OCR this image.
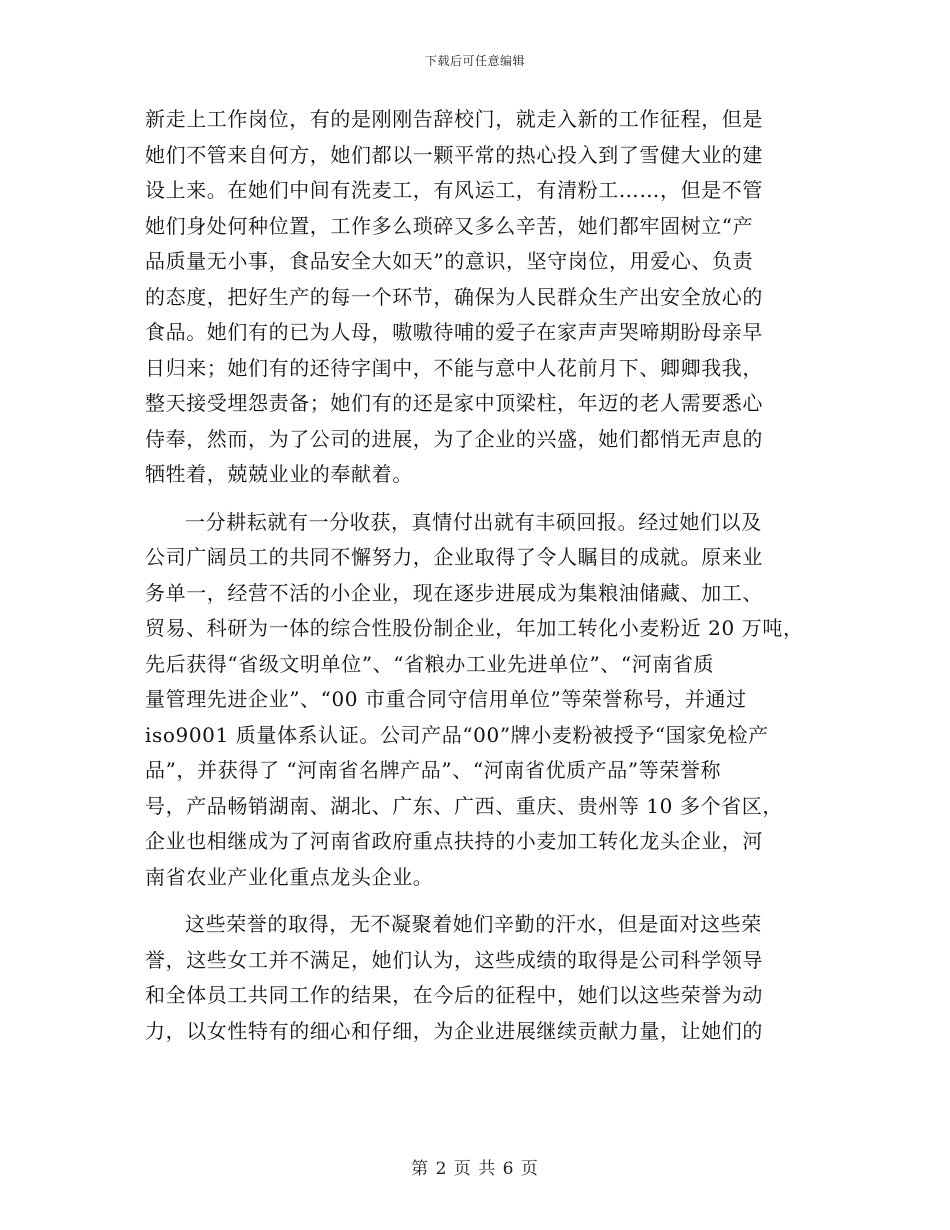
下载后可任意编辑
新走上工作岗位，有的是刚刚告辞校门，就走入新的工作征程，但是
她们不管来自何方，她们都以一颗平常的热心投入到了雪健大业的建
设上来。在她们中间有洗麦工，有风运工，有清粉工……，但是不管
她们身处何种位置，工作多么琐碎又多么辛苦，她们都牢固树立“产
品质量无小事，食品安全大如天”的意识，坚守岗位，用爱心、负责
的态度，把好生产的每一个环节，确保为人民群众生产出安全放心的
食品。她们有的已为人母，嗷嗷待哺的爱子在家声声哭啼期盼母亲早
日归来；她们有的还待字闺中，不能与意中人花前月下、卿卿我我，
整天接受埋怨责备；她们有的还是家中顶梁柱，年迈的老人需要悉心
侍奉，然而，为了公司的进展，为了企业的兴盛，她们都悄无声息的
牺牲着，兢兢业业的奉献着。
一分耕耘就有一分收获，真情付出就有丰硕回报。经过她们以及
公司广阔员工的共同不懈努力，企业取得了令人瞩目的成就。原来业
务单一，经营不活的小企业，现在逐步进展成为集粮油储藏、加工、
贸易、科研为一体的综合性股份制企业，年加工转化小麦粉近 20 万吨，
先后获得“省级文明单位”、“省粮办工业先进单位”、“河南省质
量管理先进企业”、“00 市重合同守信用单位”等荣誉称号，并通过
iso9001 质量体系认证。公司产品“00”牌小麦粉被授予“国家免检产
品”，并获得了 “河南省名牌产品”、“河南省优质产品”等荣誉称
号，产品畅销湖南、湖北、广东、广西、重庆、贵州等 10 多个省区，
企业也相继成为了河南省政府重点扶持的小麦加工转化龙头企业，河
南省农业产业化重点龙头企业。
这些荣誉的取得，无不凝聚着她们辛勤的汗水，但是面对这些荣
誉，这些女工并不满足，她们认为，这些成绩的取得是公司科学领导
和全体员工共同工作的结果，在今后的征程中，她们以这些荣誉为动
力，以女性特有的细心和仔细，为企业进展继续贡献力量，让她们的
第 2 页 共 6 页
